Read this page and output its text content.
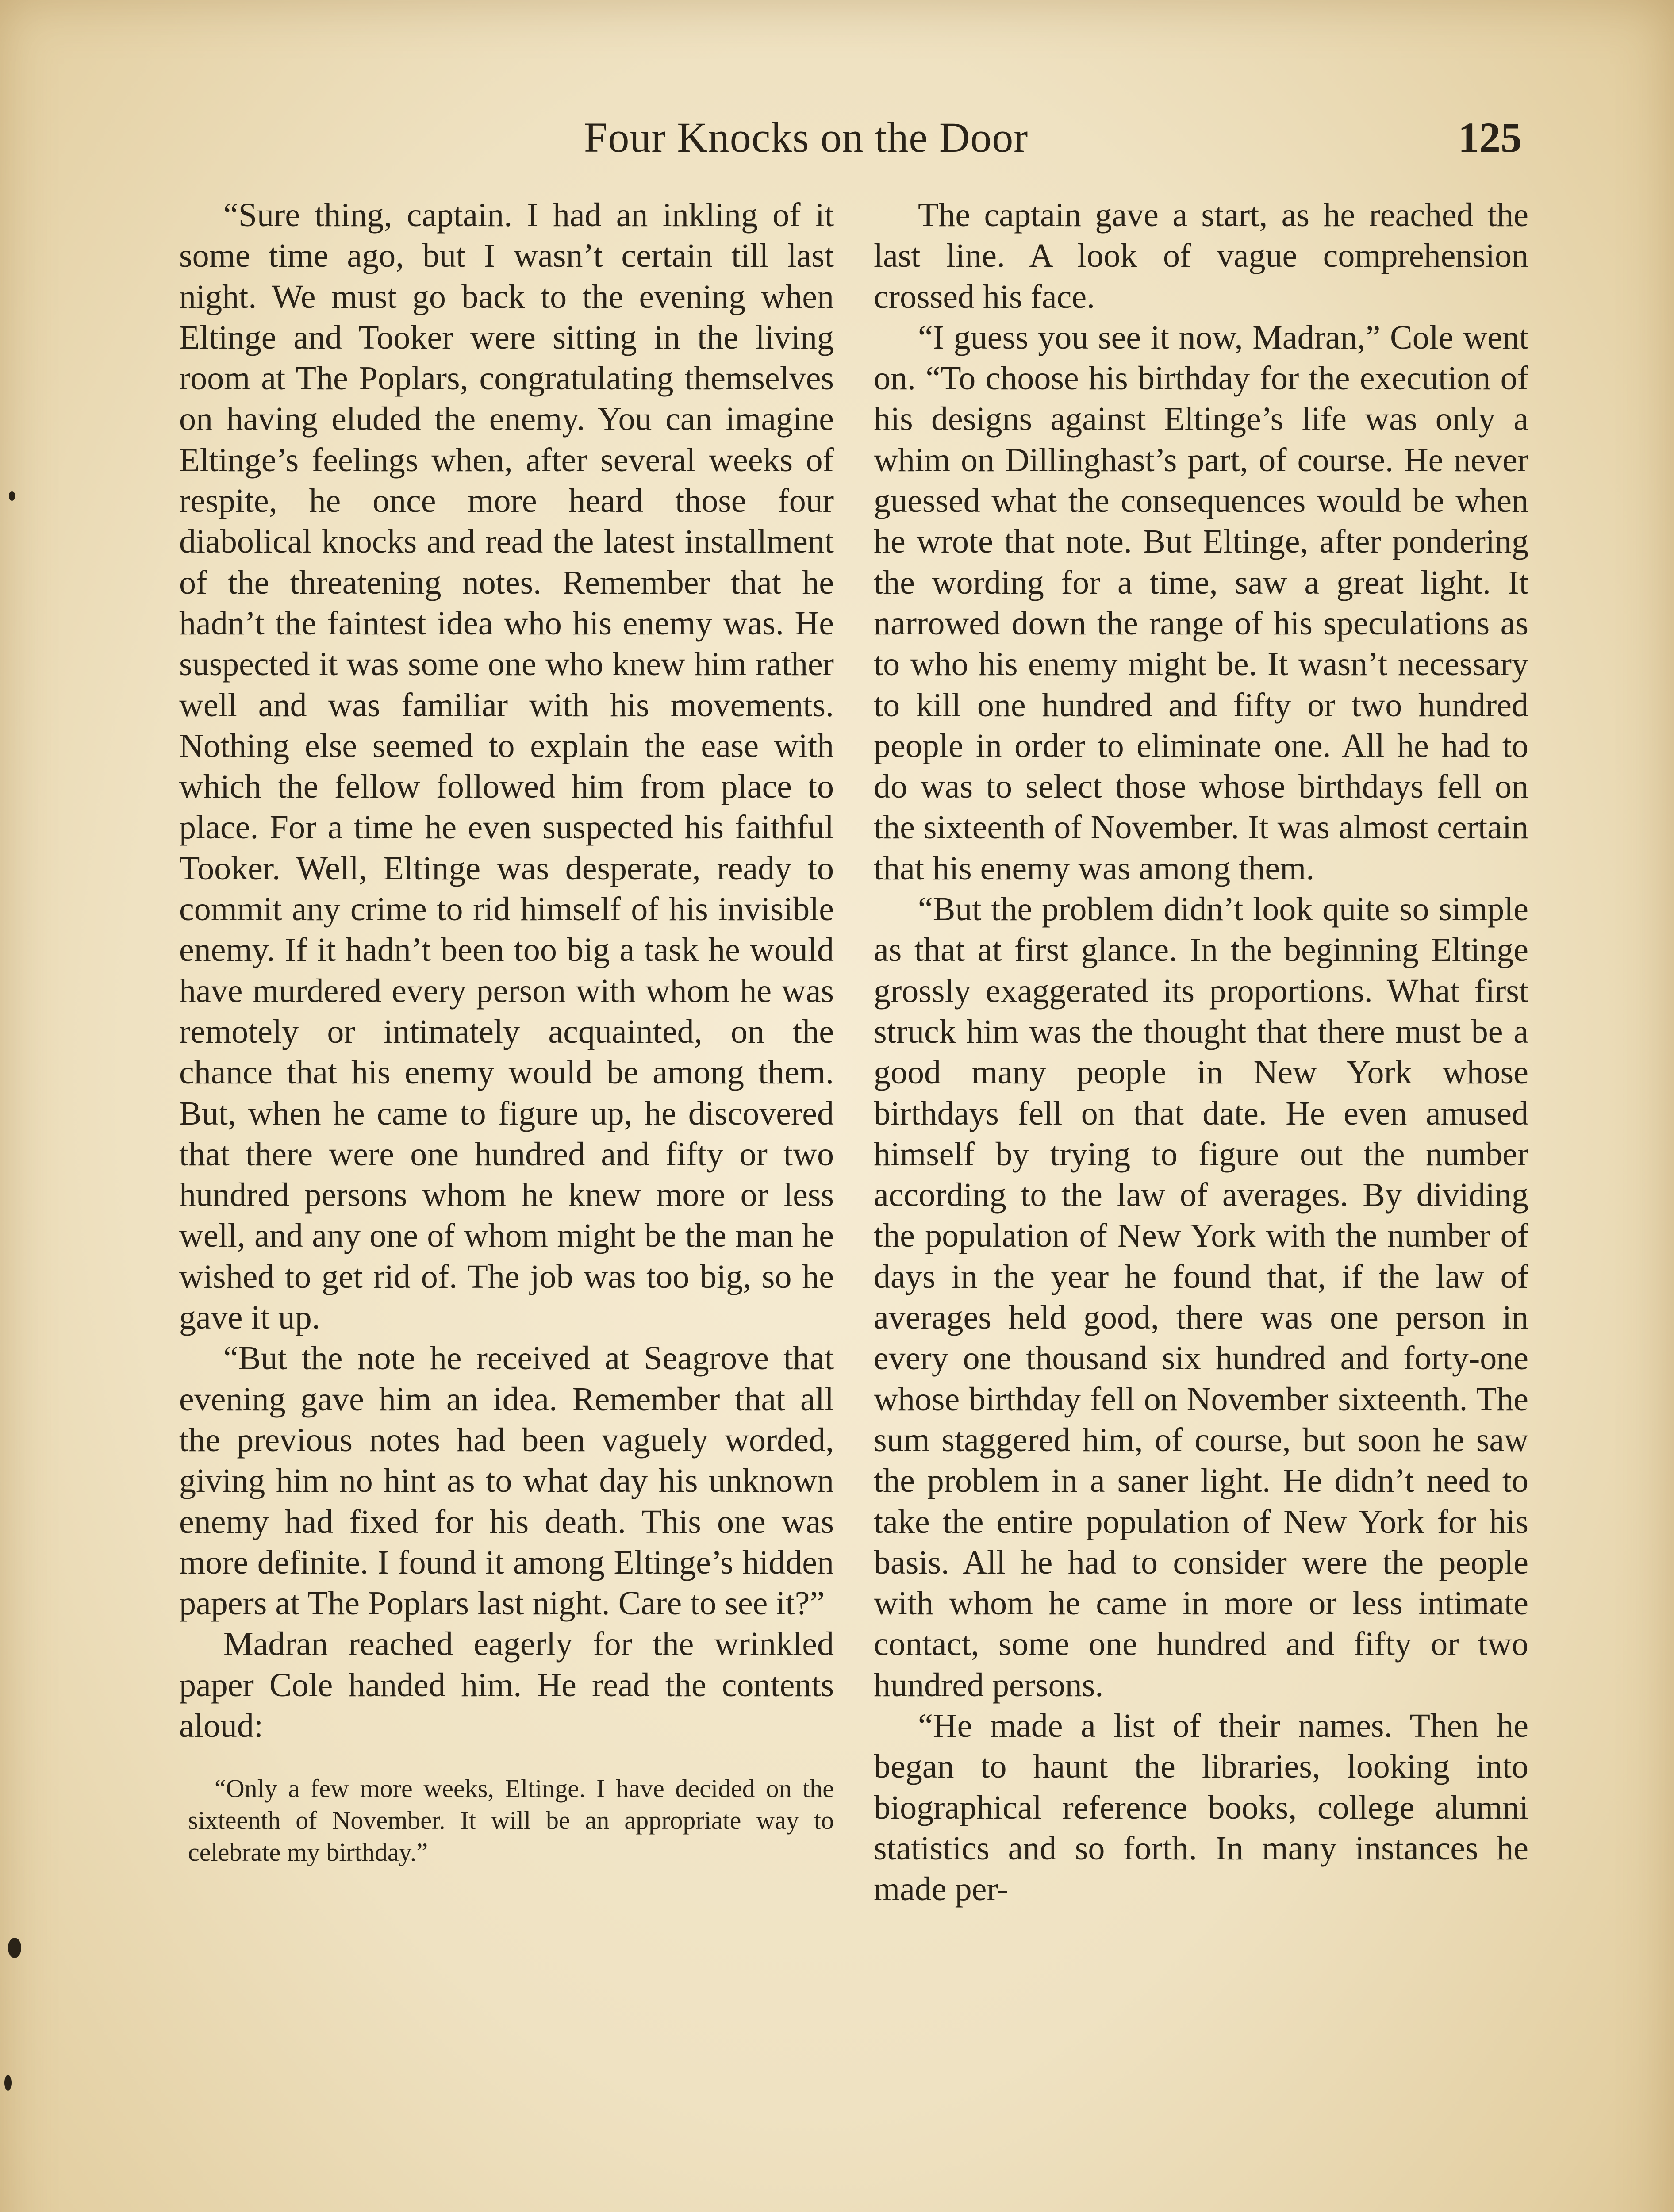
Four Knocks on the Door	125

“Sure thing, captain. I had an inkling of it some time ago, but I wasn’t certain till last night. We must go back to the evening when Eltinge and Tooker were sitting in the living room at The Poplars, congratulating themselves on having eluded the enemy. You can imagine Eltinge’s feelings when, after several weeks of respite, he once more heard those four diabolical knocks and read the latest installment of the threatening notes. Remember that he hadn’t the faintest idea who his enemy was. He suspected it was some one who knew him rather well and was familiar with his movements. Nothing else seemed to explain the ease with which the fellow followed him from place to place. For a time he even suspected his faithful Tooker. Well, Eltinge was desperate, ready to commit any crime to rid himself of his invisible enemy. If it hadn’t been too big a task he would have murdered every person with whom he was remotely or intimately acquainted, on the chance that his enemy would be among them. But, when he came to figure up, he discovered that there were one hundred and fifty or two hundred persons whom he knew more or less well, and any one of whom might be the man he wished to get rid of. The job was too big, so he gave it up.

“But the note he received at Seagrove that evening gave him an idea. Remember that all the previous notes had been vaguely worded, giving him no hint as to what day his unknown enemy had fixed for his death. This one was more definite. I found it among Eltinge’s hidden papers at The Poplars last night. Care to see it?”

Madran reached eagerly for the wrinkled paper Cole handed him. He read the contents aloud:

“Only a few more weeks, Eltinge. I have decided on the sixteenth of November. It will be an appropriate way to celebrate my birthday.”

The captain gave a start, as he reached the last line. A look of vague comprehension crossed his face.

“I guess you see it now, Madran,” Cole went on. “To choose his birthday for the execution of his designs against Eltinge’s life was only a whim on Dillinghast’s part, of course. He never guessed what the consequences would be when he wrote that note. But Eltinge, after pondering the wording for a time, saw a great light. It narrowed down the range of his speculations as to who his enemy might be. It wasn’t necessary to kill one hundred and fifty or two hundred people in order to eliminate one. All he had to do was to select those whose birthdays fell on the sixteenth of November. It was almost certain that his enemy was among them.

“But the problem didn’t look quite so simple as that at first glance. In the beginning Eltinge grossly exaggerated its proportions. What first struck him was the thought that there must be a good many people in New York whose birthdays fell on that date. He even amused himself by trying to figure out the number according to the law of averages. By dividing the population of New York with the number of days in the year he found that, if the law of averages held good, there was one person in every one thousand six hundred and forty-one whose birthday fell on November sixteenth. The sum staggered him, of course, but soon he saw the problem in a saner light. He didn’t need to take the entire population of New York for his basis. All he had to consider were the people with whom he came in more or less intimate contact, some one hundred and fifty or two hundred persons.

“He made a list of their names. Then he began to haunt the libraries, looking into biographical reference books, college alumni statistics and so forth. In many instances he made per-
